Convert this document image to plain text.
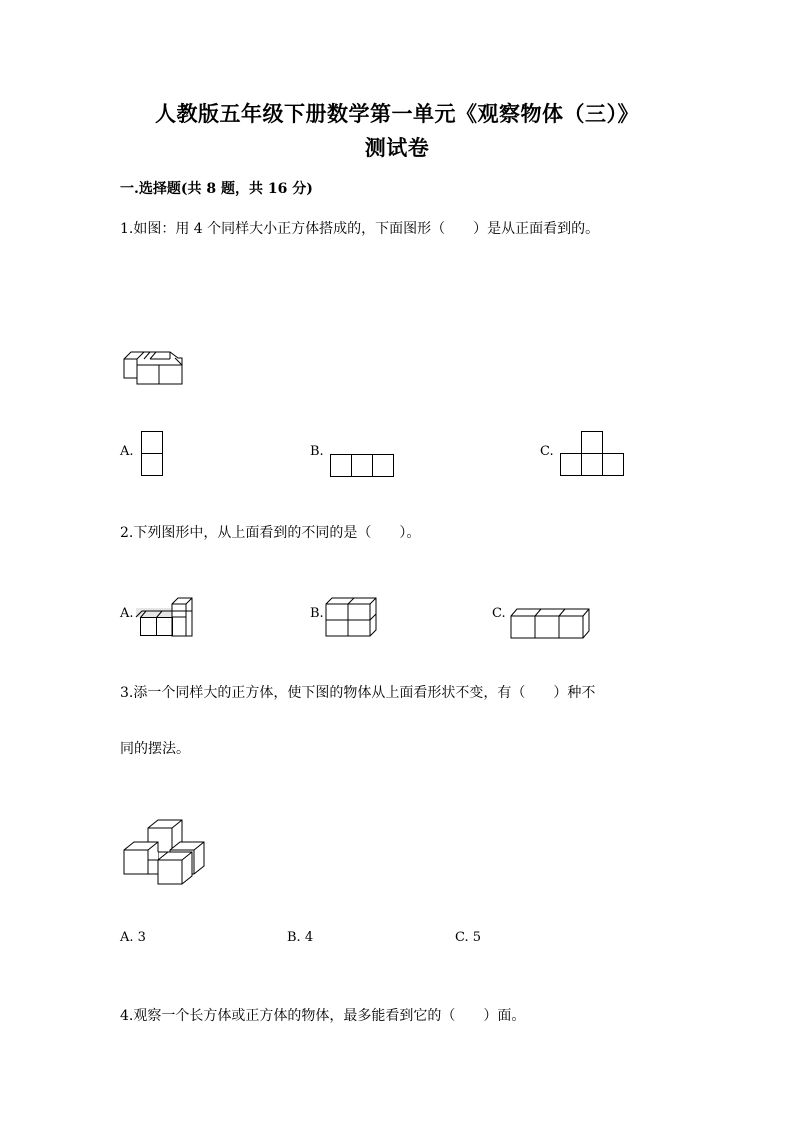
人教版五年级下册数学第一单元《观察物体（三）》
测试卷
一.选择题(共 8 题，共 16 分)
1.如图：用 4 个同样大小正方体搭成的，下面图形（　　）是从正面看到的。
A.	B.	C.
2.下列图形中，从上面看到的不同的是（　　）。
A.	B.	C.
3.添一个同样大的正方体，使下图的物体从上面看形状不变，有（　　）种不
同的摆法。
A. 3	B. 4	C. 5
4.观察一个长方体或正方体的物体，最多能看到它的（　　）面。
